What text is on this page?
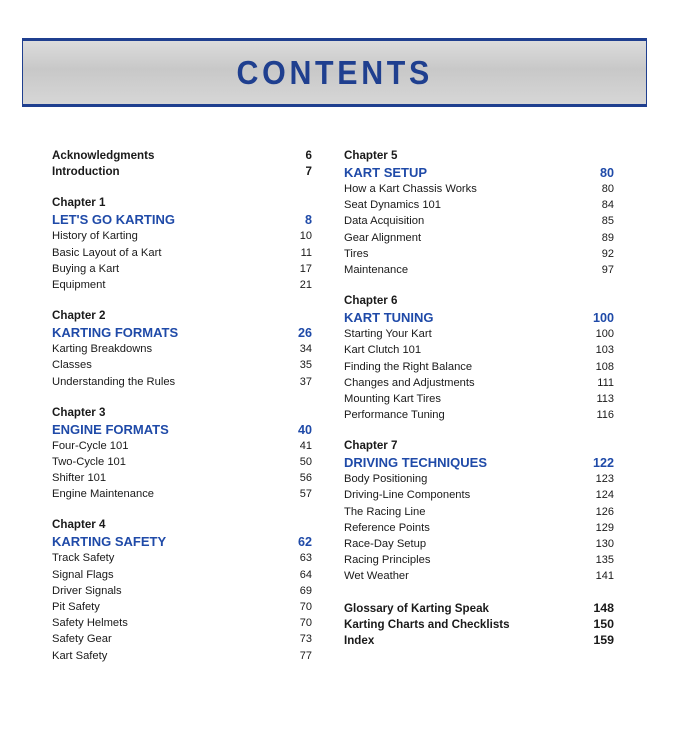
CONTENTS
Acknowledgments	6
Introduction	7
Chapter 1
LET'S GO KARTING	8
History of Karting	10
Basic Layout of a Kart	11
Buying a Kart	17
Equipment	21
Chapter 2
KARTING FORMATS	26
Karting Breakdowns	34
Classes	35
Understanding the Rules	37
Chapter 3
ENGINE FORMATS	40
Four-Cycle 101	41
Two-Cycle 101	50
Shifter 101	56
Engine Maintenance	57
Chapter 4
KARTING SAFETY	62
Track Safety	63
Signal Flags	64
Driver Signals	69
Pit Safety	70
Safety Helmets	70
Safety Gear	73
Kart Safety	77
Chapter 5
KART SETUP	80
How a Kart Chassis Works	80
Seat Dynamics 101	84
Data Acquisition	85
Gear Alignment	89
Tires	92
Maintenance	97
Chapter 6
KART TUNING	100
Starting Your Kart	100
Kart Clutch 101	103
Finding the Right Balance	108
Changes and Adjustments	111
Mounting Kart Tires	113
Performance Tuning	116
Chapter 7
DRIVING TECHNIQUES	122
Body Positioning	123
Driving-Line Components	124
The Racing Line	126
Reference Points	129
Race-Day Setup	130
Racing Principles	135
Wet Weather	141
Glossary of Karting Speak	148
Karting Charts and Checklists	150
Index	159
